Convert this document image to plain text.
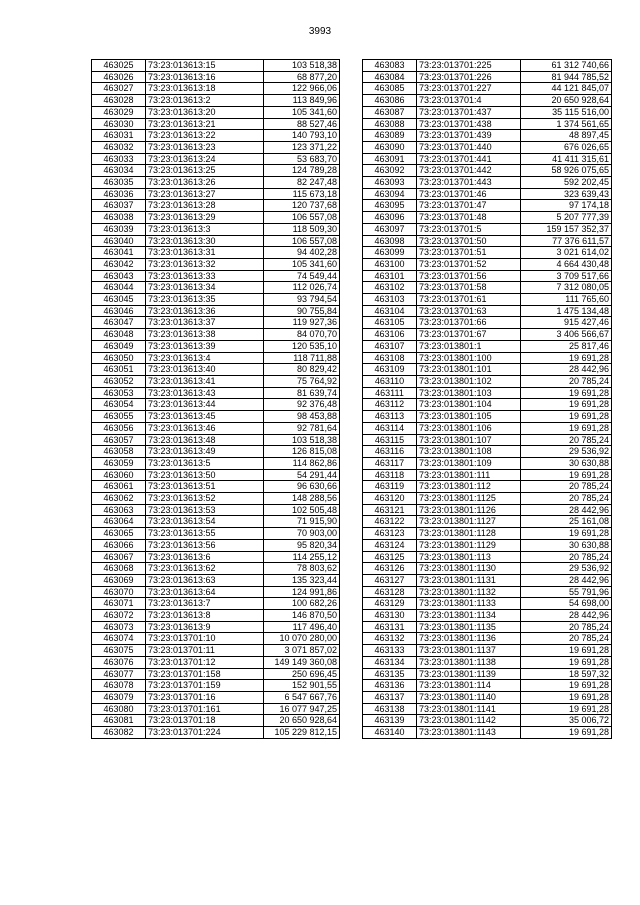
3993
463025	73:23:013613:15	103 518,38
463026	73:23:013613:16	68 877,20
463027	73:23:013613:18	122 966,06
463028	73:23:013613:2	113 849,96
463029	73:23:013613:20	105 341,60
463030	73:23:013613:21	88 527,46
463031	73:23:013613:22	140 793,10
463032	73:23:013613:23	123 371,22
463033	73:23:013613:24	53 683,70
463034	73:23:013613:25	124 789,28
463035	73:23:013613:26	82 247,48
463036	73:23:013613:27	115 673,18
463037	73:23:013613:28	120 737,68
463038	73:23:013613:29	106 557,08
463039	73:23:013613:3	118 509,30
463040	73:23:013613:30	106 557,08
463041	73:23:013613:31	94 402,28
463042	73:23:013613:32	105 341,60
463043	73:23:013613:33	74 549,44
463044	73:23:013613:34	112 026,74
463045	73:23:013613:35	93 794,54
463046	73:23:013613:36	90 755,84
463047	73:23:013613:37	119 927,36
463048	73:23:013613:38	84 070,70
463049	73:23:013613:39	120 535,10
463050	73:23:013613:4	118 711,88
463051	73:23:013613:40	80 829,42
463052	73:23:013613:41	75 764,92
463053	73:23:013613:43	81 639,74
463054	73:23:013613:44	92 376,48
463055	73:23:013613:45	98 453,88
463056	73:23:013613:46	92 781,64
463057	73:23:013613:48	103 518,38
463058	73:23:013613:49	126 815,08
463059	73:23:013613:5	114 862,86
463060	73:23:013613:50	54 291,44
463061	73:23:013613:51	96 630,66
463062	73:23:013613:52	148 288,56
463063	73:23:013613:53	102 505,48
463064	73:23:013613:54	71 915,90
463065	73:23:013613:55	70 903,00
463066	73:23:013613:56	95 820,34
463067	73:23:013613:6	114 255,12
463068	73:23:013613:62	78 803,62
463069	73:23:013613:63	135 323,44
463070	73:23:013613:64	124 991,86
463071	73:23:013613:7	100 682,26
463072	73:23:013613:8	146 870,50
463073	73:23:013613:9	117 496,40
463074	73:23:013701:10	10 070 280,00
463075	73:23:013701:11	3 071 857,02
463076	73:23:013701:12	149 149 360,08
463077	73:23:013701:158	250 696,45
463078	73:23:013701:159	152 901,55
463079	73:23:013701:16	6 547 667,76
463080	73:23:013701:161	16 077 947,25
463081	73:23:013701:18	20 650 928,64
463082	73:23:013701:224	105 229 812,15
463083	73:23:013701:225	61 312 740,66
463084	73:23:013701:226	81 944 785,52
463085	73:23:013701:227	44 121 845,07
463086	73:23:013701:4	20 650 928,64
463087	73:23:013701:437	35 115 516,00
463088	73:23:013701:438	1 374 561,65
463089	73:23:013701:439	48 897,45
463090	73:23:013701:440	676 026,65
463091	73:23:013701:441	41 411 315,61
463092	73:23:013701:442	58 926 075,65
463093	73:23:013701:443	592 202,45
463094	73:23:013701:46	323 639,43
463095	73:23:013701:47	97 174,18
463096	73:23:013701:48	5 207 777,39
463097	73:23:013701:5	159 157 352,37
463098	73:23:013701:50	77 376 611,57
463099	73:23:013701:51	3 021 614,02
463100	73:23:013701:52	4 664 430,48
463101	73:23:013701:56	3 709 517,66
463102	73:23:013701:58	7 312 080,05
463103	73:23:013701:61	111 765,60
463104	73:23:013701:63	1 475 134,48
463105	73:23:013701:66	915 427,46
463106	73:23:013701:67	3 406 566,67
463107	73:23:013801:1	25 817,46
463108	73:23:013801:100	19 691,28
463109	73:23:013801:101	28 442,96
463110	73:23:013801:102	20 785,24
463111	73:23:013801:103	19 691,28
463112	73:23:013801:104	19 691,28
463113	73:23:013801:105	19 691,28
463114	73:23:013801:106	19 691,28
463115	73:23:013801:107	20 785,24
463116	73:23:013801:108	29 536,92
463117	73:23:013801:109	30 630,88
463118	73:23:013801:111	19 691,28
463119	73:23:013801:112	20 785,24
463120	73:23:013801:1125	20 785,24
463121	73:23:013801:1126	28 442,96
463122	73:23:013801:1127	25 161,08
463123	73:23:013801:1128	19 691,28
463124	73:23:013801:1129	30 630,88
463125	73:23:013801:113	20 785,24
463126	73:23:013801:1130	29 536,92
463127	73:23:013801:1131	28 442,96
463128	73:23:013801:1132	55 791,96
463129	73:23:013801:1133	54 698,00
463130	73:23:013801:1134	28 442,96
463131	73:23:013801:1135	20 785,24
463132	73:23:013801:1136	20 785,24
463133	73:23:013801:1137	19 691,28
463134	73:23:013801:1138	19 691,28
463135	73:23:013801:1139	18 597,32
463136	73:23:013801:114	19 691,28
463137	73:23:013801:1140	19 691,28
463138	73:23:013801:1141	19 691,28
463139	73:23:013801:1142	35 006,72
463140	73:23:013801:1143	19 691,28
